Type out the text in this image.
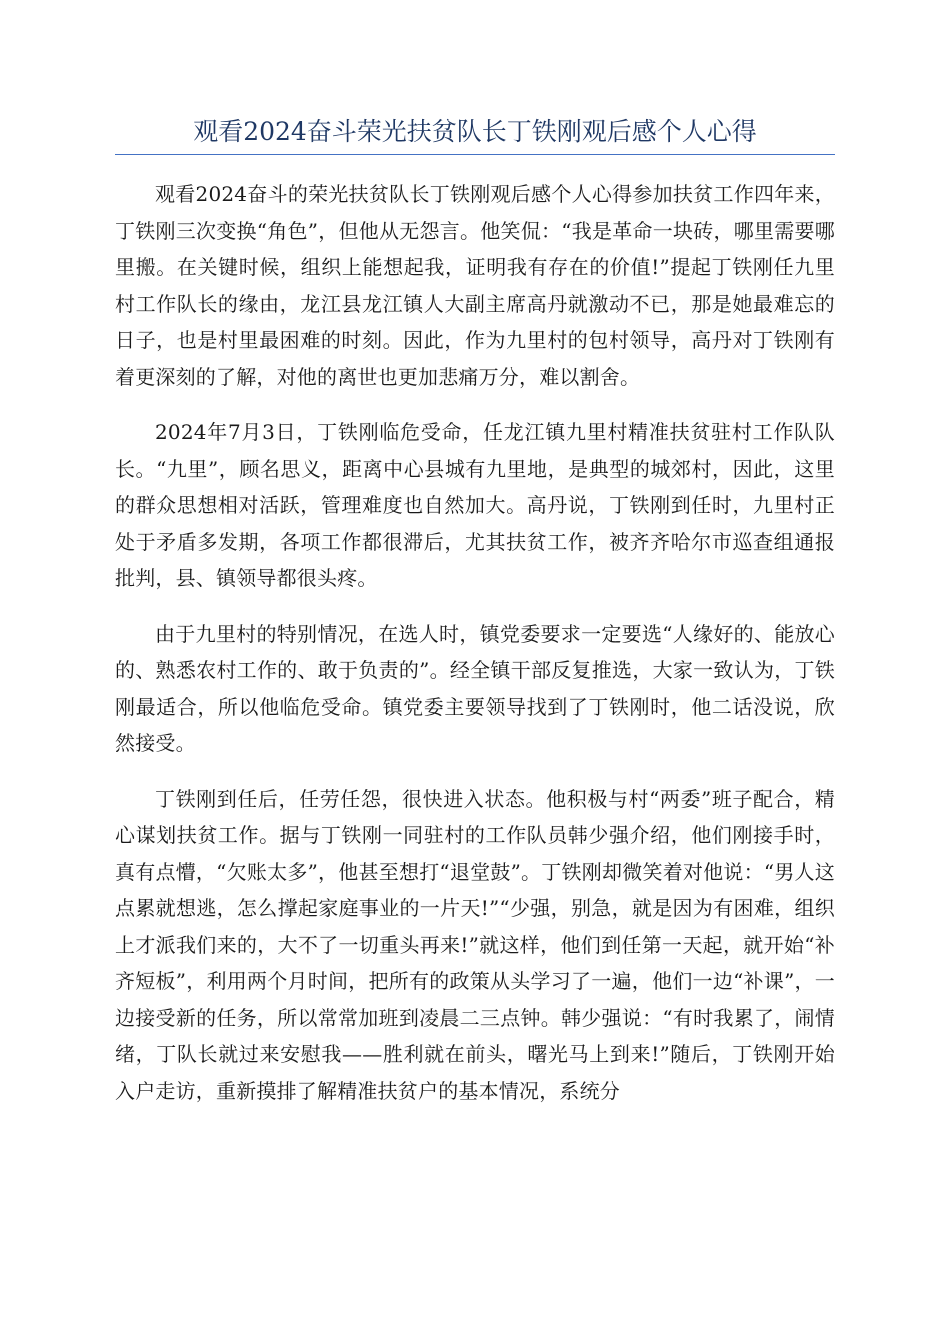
观看2024奋斗荣光扶贫队长丁铁刚观后感个人心得

观看2024奋斗的荣光扶贫队长丁铁刚观后感个人心得参加扶贫工作四年来，丁铁刚三次变换“角色”，但他从无怨言。他笑侃：“我是革命一块砖，哪里需要哪里搬。在关键时候，组织上能想起我，证明我有存在的价值!”提起丁铁刚任九里村工作队长的缘由，龙江县龙江镇人大副主席高丹就激动不已，那是她最难忘的日子，也是村里最困难的时刻。因此，作为九里村的包村领导，高丹对丁铁刚有着更深刻的了解，对他的离世也更加悲痛万分，难以割舍。

2024年7月3日，丁铁刚临危受命，任龙江镇九里村精准扶贫驻村工作队队长。“九里”，顾名思义，距离中心县城有九里地，是典型的城郊村，因此，这里的群众思想相对活跃，管理难度也自然加大。高丹说，丁铁刚到任时，九里村正处于矛盾多发期，各项工作都很滞后，尤其扶贫工作，被齐齐哈尔市巡查组通报批判，县、镇领导都很头疼。

由于九里村的特别情况，在选人时，镇党委要求一定要选“人缘好的、能放心的、熟悉农村工作的、敢于负责的”。经全镇干部反复推选，大家一致认为，丁铁刚最适合，所以他临危受命。镇党委主要领导找到了丁铁刚时，他二话没说，欣然接受。

丁铁刚到任后，任劳任怨，很快进入状态。他积极与村“两委”班子配合，精心谋划扶贫工作。据与丁铁刚一同驻村的工作队员韩少强介绍，他们刚接手时，真有点懵，“欠账太多”，他甚至想打“退堂鼓”。丁铁刚却微笑着对他说：“男人这点累就想逃，怎么撑起家庭事业的一片天!”“少强，别急，就是因为有困难，组织上才派我们来的，大不了一切重头再来!”就这样，他们到任第一天起，就开始“补齐短板”，利用两个月时间，把所有的政策从头学习了一遍，他们一边“补课”，一边接受新的任务，所以常常加班到凌晨二三点钟。韩少强说：“有时我累了，闹情绪，丁队长就过来安慰我——胜利就在前头，曙光马上到来!”随后，丁铁刚开始入户走访，重新摸排了解精准扶贫户的基本情况，系统分
